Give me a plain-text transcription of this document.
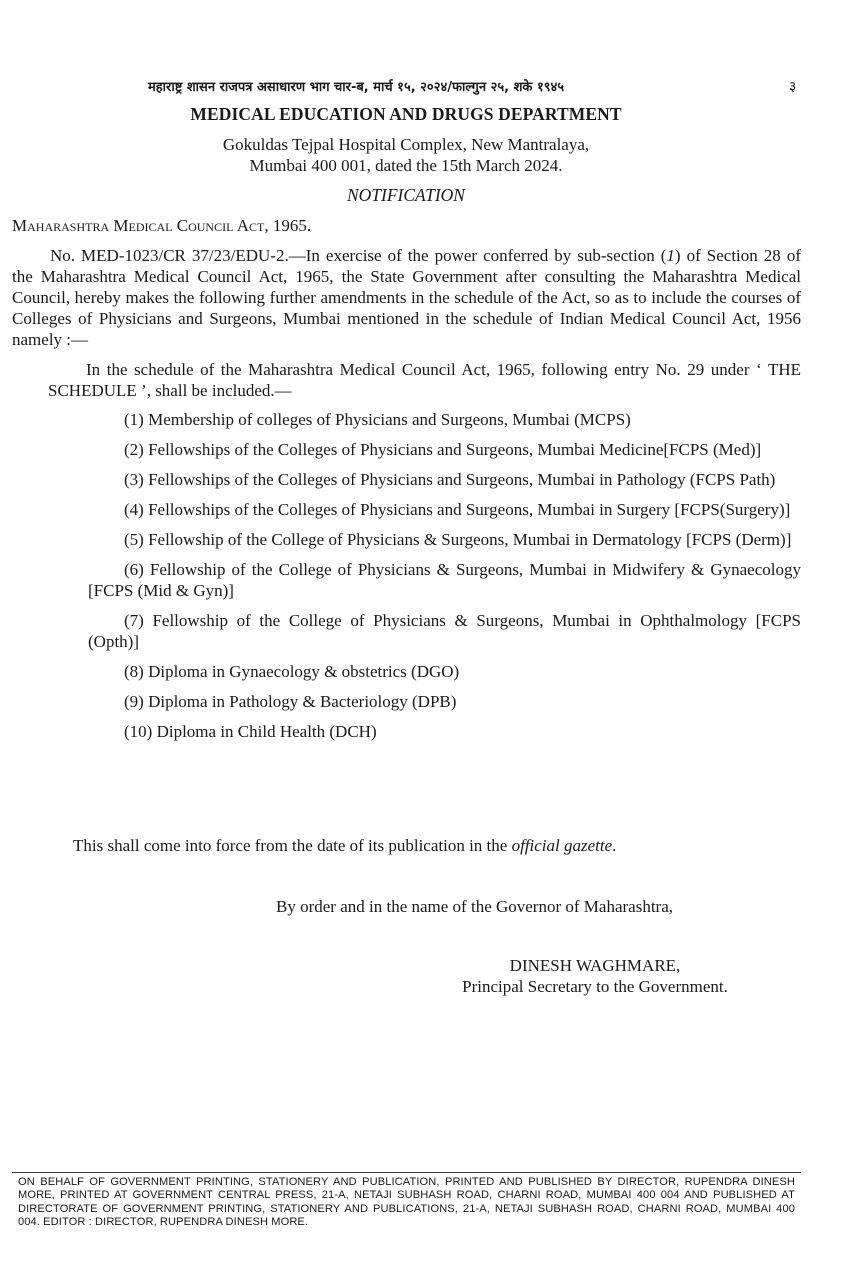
महाराष्ट्र शासन राजपत्र असाधारण भाग चार-ब, मार्च १५, २०२४/फाल्गुन २५, शके १९४५	३
MEDICAL EDUCATION AND DRUGS DEPARTMENT
Gokuldas Tejpal Hospital Complex, New Mantralaya,
Mumbai 400 001, dated the 15th March 2024.
NOTIFICATION
Maharashtra Medical Council Act, 1965.
No. MED-1023/CR 37/23/EDU-2.—In exercise of the power conferred by sub-section (1) of Section 28 of the Maharashtra Medical Council Act, 1965, the State Government after consulting the Maharashtra Medical Council, hereby makes the following further amendments in the schedule of the Act, so as to include the courses of Colleges of Physicians and Surgeons, Mumbai mentioned in the schedule of Indian Medical Council Act, 1956 namely :—
In the schedule of the Maharashtra Medical Council Act, 1965, following entry No. 29 under ‘ THE SCHEDULE ’, shall be included.—
(1) Membership of colleges of Physicians and Surgeons, Mumbai (MCPS)
(2) Fellowships of the Colleges of Physicians and Surgeons, Mumbai Medicine[FCPS (Med)]
(3) Fellowships of the Colleges of Physicians and Surgeons, Mumbai in Pathology (FCPS Path)
(4) Fellowships of the Colleges of Physicians and Surgeons, Mumbai in Surgery [FCPS(Surgery)]
(5) Fellowship of the College of Physicians & Surgeons, Mumbai in Dermatology [FCPS (Derm)]
(6) Fellowship of the College of Physicians & Surgeons, Mumbai in Midwifery & Gynaecology [FCPS (Mid & Gyn)]
(7) Fellowship of the College of Physicians & Surgeons, Mumbai in Ophthalmology [FCPS (Opth)]
(8) Diploma in Gynaecology & obstetrics (DGO)
(9) Diploma in Pathology & Bacteriology (DPB)
(10) Diploma in Child Health (DCH)
This shall come into force from the date of its publication in the official gazette.
By order and in the name of the Governor of Maharashtra,
DINESH WAGHMARE,
Principal Secretary to the Government.
ON BEHALF OF GOVERNMENT PRINTING, STATIONERY AND PUBLICATION, PRINTED AND PUBLISHED BY DIRECTOR, RUPENDRA DINESH MORE, PRINTED AT GOVERNMENT CENTRAL PRESS, 21-A, NETAJI SUBHASH ROAD, CHARNI ROAD, MUMBAI 400 004 AND PUBLISHED AT DIRECTORATE OF GOVERNMENT PRINTING, STATIONERY AND PUBLICATIONS, 21-A, NETAJI SUBHASH ROAD, CHARNI ROAD, MUMBAI 400 004. EDITOR : DIRECTOR, RUPENDRA DINESH MORE.
